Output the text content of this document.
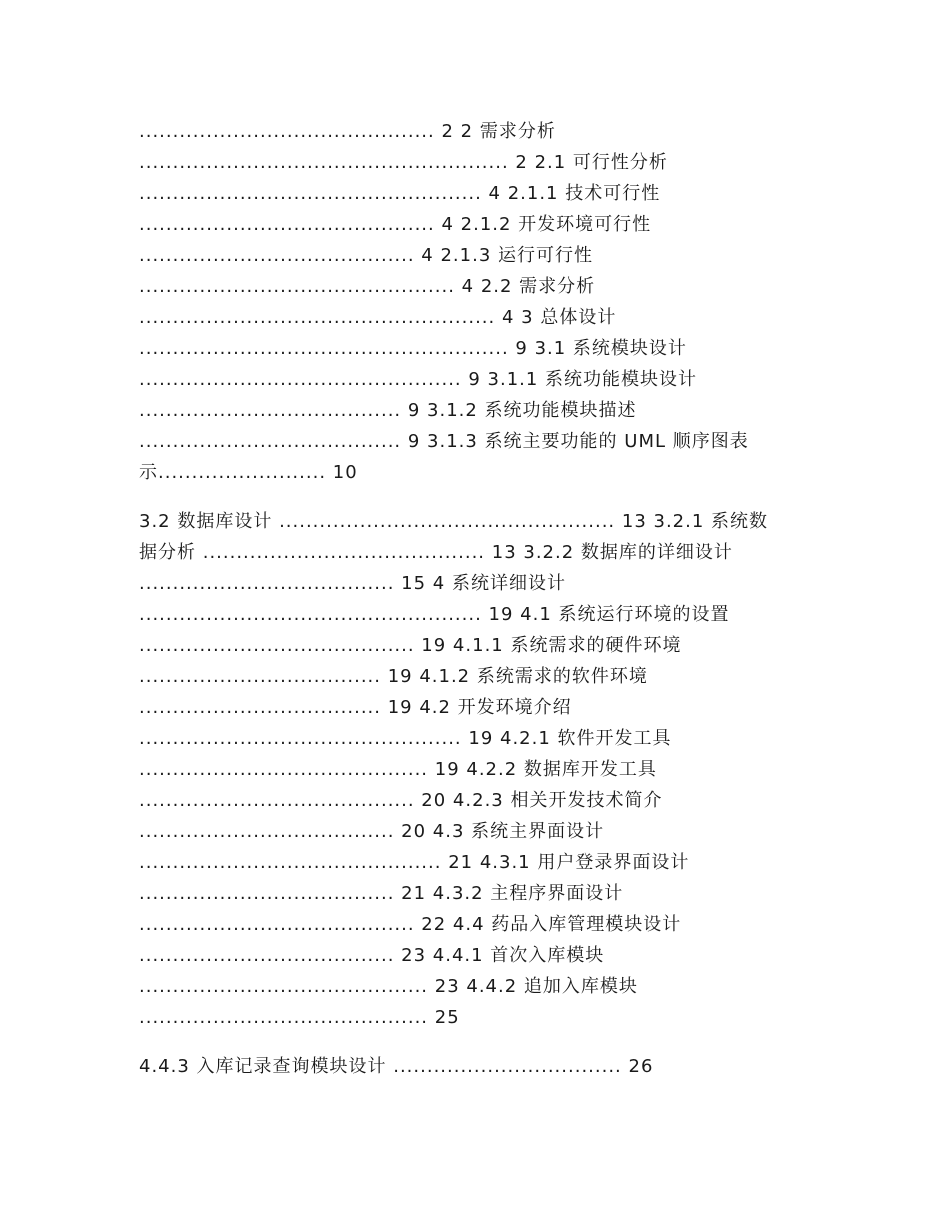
............................................ 2 2 需求分析
....................................................... 2 2.1 可行性分析
................................................... 4 2.1.1 技术可行性
............................................ 4 2.1.2 开发环境可行性
......................................... 4 2.1.3 运行可行性
............................................... 4 2.2 需求分析
..................................................... 4 3 总体设计
....................................................... 9 3.1 系统模块设计
................................................ 9 3.1.1 系统功能模块设计
....................................... 9 3.1.2 系统功能模块描述
....................................... 9 3.1.3 系统主要功能的 UML 顺序图表
示......................... 10
3.2 数据库设计 .................................................. 13 3.2.1 系统数
据分析 .......................................... 13 3.2.2 数据库的详细设计
...................................... 15 4 系统详细设计
................................................... 19 4.1 系统运行环境的设置
......................................... 19 4.1.1 系统需求的硬件环境
.................................... 19 4.1.2 系统需求的软件环境
.................................... 19 4.2 开发环境介绍
................................................ 19 4.2.1 软件开发工具
........................................... 19 4.2.2 数据库开发工具
......................................... 20 4.2.3 相关开发技术简介
...................................... 20 4.3 系统主界面设计
............................................. 21 4.3.1 用户登录界面设计
...................................... 21 4.3.2 主程序界面设计
......................................... 22 4.4 药品入库管理模块设计
...................................... 23 4.4.1 首次入库模块
........................................... 23 4.4.2 追加入库模块
........................................... 25
4.4.3 入库记录查询模块设计 .................................. 26
